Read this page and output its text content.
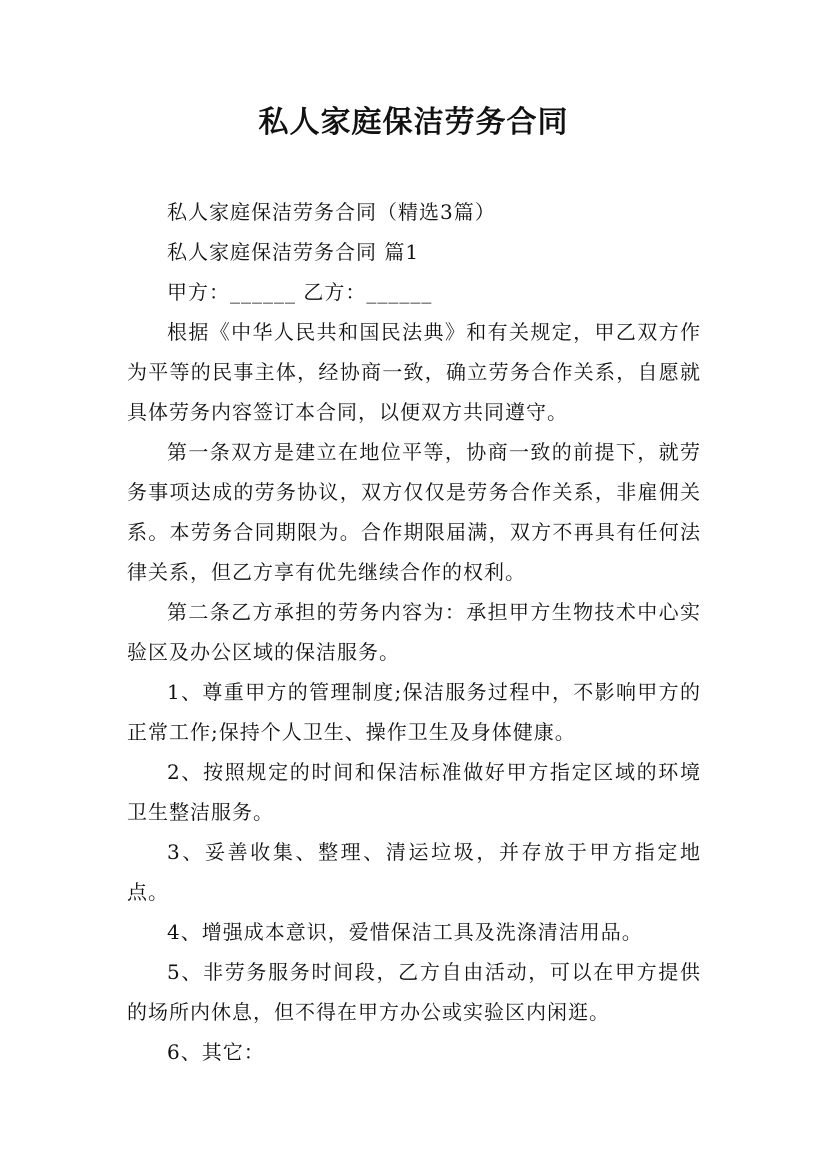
私人家庭保洁劳务合同

私人家庭保洁劳务合同（精选3篇）

私人家庭保洁劳务合同 篇1

甲方：______ 乙方：______

根据《中华人民共和国民法典》和有关规定，甲乙双方作为平等的民事主体，经协商一致，确立劳务合作关系，自愿就具体劳务内容签订本合同，以便双方共同遵守。

第一条双方是建立在地位平等，协商一致的前提下，就劳务事项达成的劳务协议，双方仅仅是劳务合作关系，非雇佣关系。本劳务合同期限为。合作期限届满，双方不再具有任何法律关系，但乙方享有优先继续合作的权利。

第二条乙方承担的劳务内容为：承担甲方生物技术中心实验区及办公区域的保洁服务。

1、尊重甲方的管理制度;保洁服务过程中，不影响甲方的正常工作;保持个人卫生、操作卫生及身体健康。

2、按照规定的时间和保洁标准做好甲方指定区域的环境卫生整洁服务。

3、妥善收集、整理、清运垃圾，并存放于甲方指定地点。

4、增强成本意识，爱惜保洁工具及洗涤清洁用品。

5、非劳务服务时间段，乙方自由活动，可以在甲方提供的场所内休息，但不得在甲方办公或实验区内闲逛。

6、其它：
